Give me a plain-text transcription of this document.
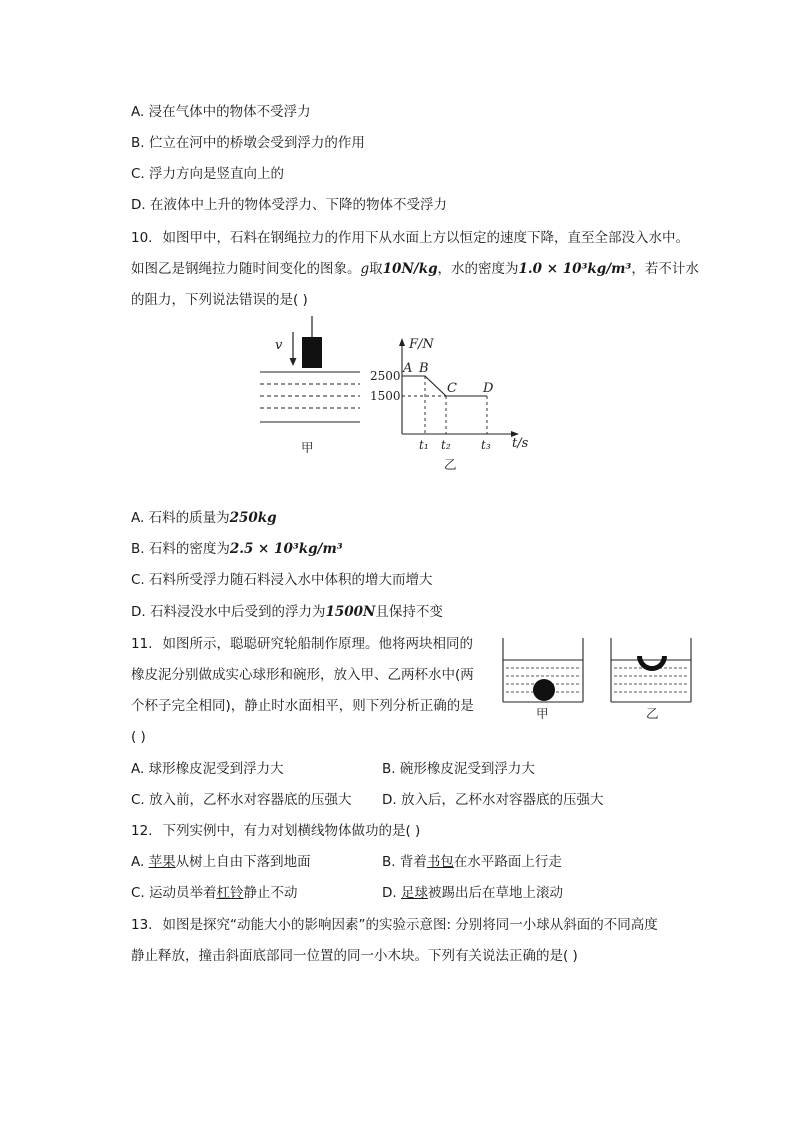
A. 浸在气体中的物体不受浮力
B. 伫立在河中的桥墩会受到浮力的作用
C. 浮力方向是竖直向上的
D. 在液体中上升的物体受浮力、下降的物体不受浮力
10. 如图甲中，石料在钢绳拉力的作用下从水面上方以恒定的速度下降，直至全部没入水中。
如图乙是钢绳拉力随时间变化的图象。g取10N/kg，水的密度为1.0 × 10³kg/m³，若不计水
的阻力，下列说法错误的是( )
v
甲
F/N
t/s
2500
1500
A B
C D
t₁ t₂	t₃
乙
A. 石料的质量为250kg
B. 石料的密度为2.5 × 10³kg/m³
C. 石料所受浮力随石料浸入水中体积的增大而增大
D. 石料浸没水中后受到的浮力为1500N且保持不变
11. 如图所示，聪聪研究轮船制作原理。他将两块相同的
橡皮泥分别做成实心球形和碗形，放入甲、乙两杯水中(两
个杯子完全相同)，静止时水面相平，则下列分析正确的是
( )
甲	乙
A. 球形橡皮泥受到浮力大	B. 碗形橡皮泥受到浮力大
C. 放入前，乙杯水对容器底的压强大 D. 放入后，乙杯水对容器底的压强大
12. 下列实例中，有力对划横线物体做功的是( )
A. 苹果从树上自由下落到地面	B. 背着书包在水平路面上行走
C. 运动员举着杠铃静止不动	D. 足球被踢出后在草地上滚动
13. 如图是探究“动能大小的影响因素”的实验示意图: 分别将同一小球从斜面的不同高度
静止释放，撞击斜面底部同一位置的同一小木块。下列有关说法正确的是( )
